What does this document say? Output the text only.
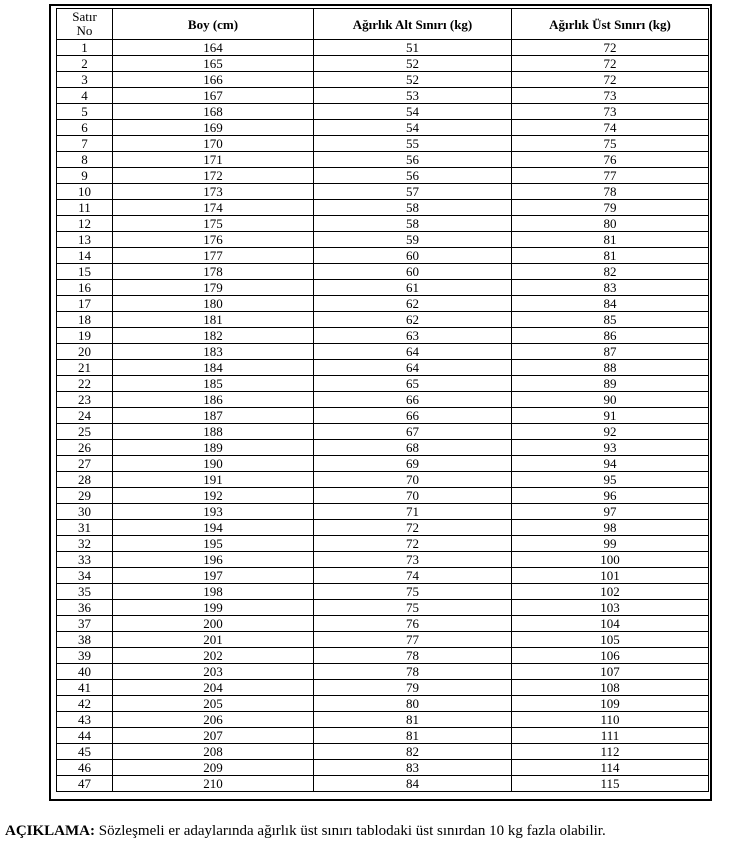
Satır
No	Boy (cm)	Ağırlık Alt Sınırı (kg)	Ağırlık Üst Sınırı (kg)
1	164	51	72
2	165	52	72
3	166	52	72
4	167	53	73
5	168	54	73
6	169	54	74
7	170	55	75
8	171	56	76
9	172	56	77
10	173	57	78
11	174	58	79
12	175	58	80
13	176	59	81
14	177	60	81
15	178	60	82
16	179	61	83
17	180	62	84
18	181	62	85
19	182	63	86
20	183	64	87
21	184	64	88
22	185	65	89
23	186	66	90
24	187	66	91
25	188	67	92
26	189	68	93
27	190	69	94
28	191	70	95
29	192	70	96
30	193	71	97
31	194	72	98
32	195	72	99
33	196	73	100
34	197	74	101
35	198	75	102
36	199	75	103
37	200	76	104
38	201	77	105
39	202	78	106
40	203	78	107
41	204	79	108
42	205	80	109
43	206	81	110
44	207	81	111
45	208	82	112
46	209	83	114
47	210	84	115
AÇIKLAMA: Sözleşmeli er adaylarında ağırlık üst sınırı tablodaki üst sınırdan 10 kg fazla olabilir.
